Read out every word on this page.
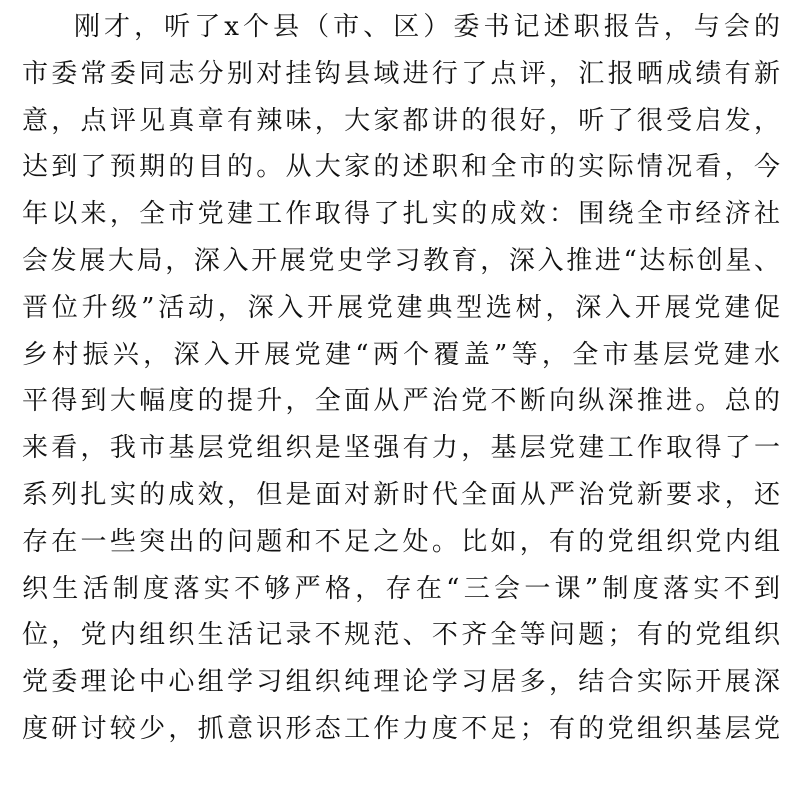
刚才，听了x个县（市、区）委书记述职报告，与会的
市委常委同志分别对挂钩县域进行了点评，汇报晒成绩有新
意，点评见真章有辣味，大家都讲的很好，听了很受启发，
达到了预期的目的。从大家的述职和全市的实际情况看，今
年以来，全市党建工作取得了扎实的成效：围绕全市经济社
会发展大局，深入开展党史学习教育，深入推进“达标创星、
晋位升级”活动，深入开展党建典型选树，深入开展党建促
乡村振兴，深入开展党建“两个覆盖”等，全市基层党建水
平得到大幅度的提升，全面从严治党不断向纵深推进。总的
来看，我市基层党组织是坚强有力，基层党建工作取得了一
系列扎实的成效，但是面对新时代全面从严治党新要求，还
存在一些突出的问题和不足之处。比如，有的党组织党内组
织生活制度落实不够严格，存在“三会一课”制度落实不到
位，党内组织生活记录不规范、不齐全等问题；有的党组织
党委理论中心组学习组织纯理论学习居多，结合实际开展深
度研讨较少，抓意识形态工作力度不足；有的党组织基层党
